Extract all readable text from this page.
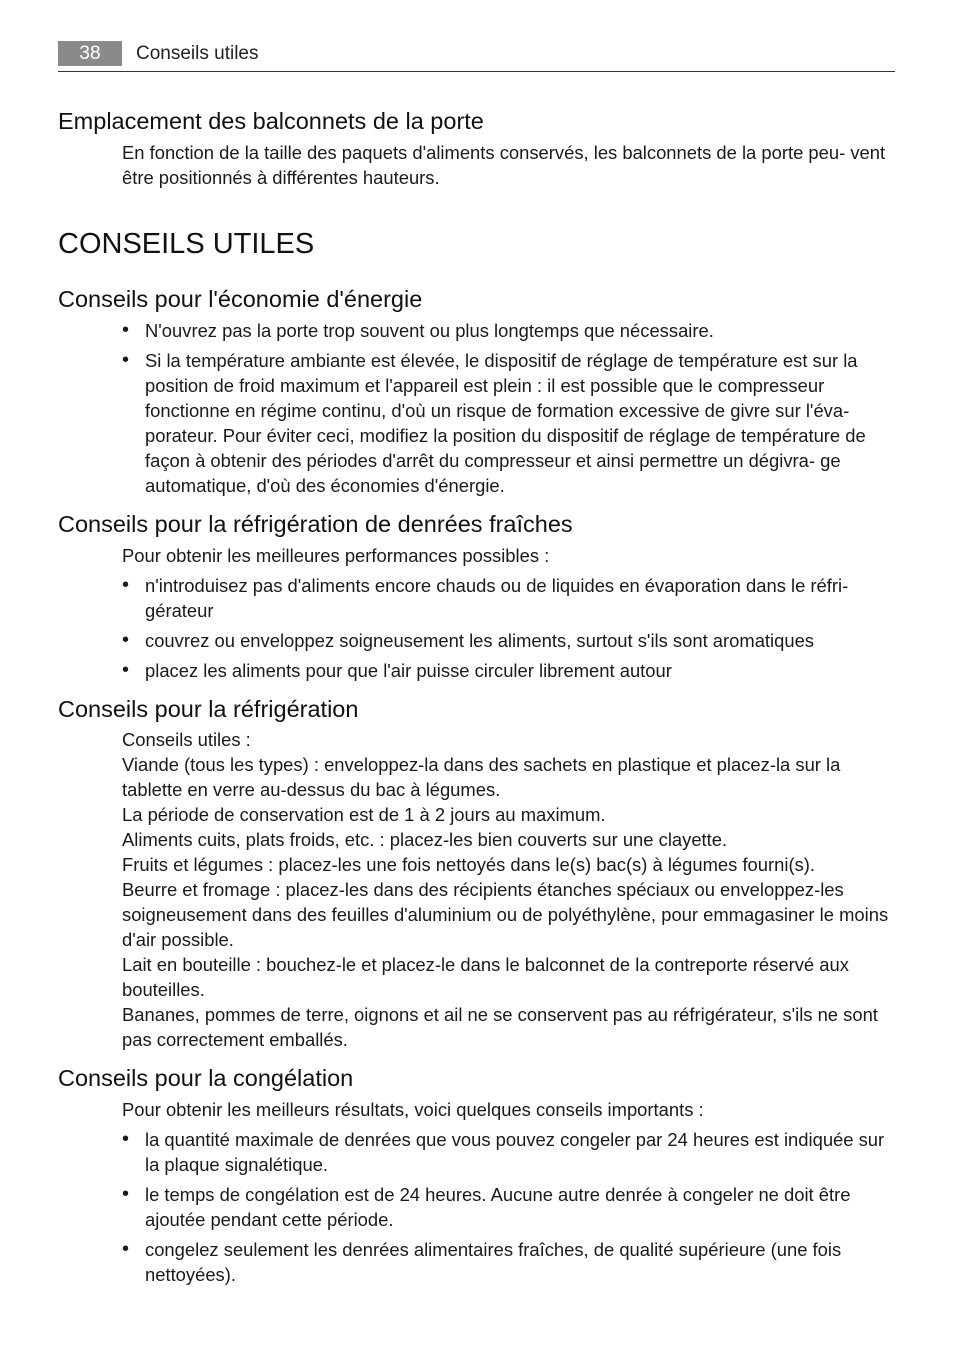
38	Conseils utiles
Emplacement des balconnets de la porte
En fonction de la taille des paquets d'aliments conservés, les balconnets de la porte peu- vent être positionnés à différentes hauteurs.
CONSEILS UTILES
Conseils pour l'économie d'énergie
• N'ouvrez pas la porte trop souvent ou plus longtemps que nécessaire.
• Si la température ambiante est élevée, le dispositif de réglage de température est sur la position de froid maximum et l'appareil est plein : il est possible que le compresseur fonctionne en régime continu, d'où un risque de formation excessive de givre sur l'éva- porateur. Pour éviter ceci, modifiez la position du dispositif de réglage de température de façon à obtenir des périodes d'arrêt du compresseur et ainsi permettre un dégivra- ge automatique, d'où des économies d'énergie.
Conseils pour la réfrigération de denrées fraîches
Pour obtenir les meilleures performances possibles :
• n'introduisez pas d'aliments encore chauds ou de liquides en évaporation dans le réfri- gérateur
• couvrez ou enveloppez soigneusement les aliments, surtout s'ils sont aromatiques
• placez les aliments pour que l'air puisse circuler librement autour
Conseils pour la réfrigération
Conseils utiles :
Viande (tous les types) : enveloppez-la dans des sachets en plastique et placez-la sur la tablette en verre au-dessus du bac à légumes.
La période de conservation est de 1 à 2 jours au maximum.
Aliments cuits, plats froids, etc. : placez-les bien couverts sur une clayette.
Fruits et légumes : placez-les une fois nettoyés dans le(s) bac(s) à légumes fourni(s).
Beurre et fromage : placez-les dans des récipients étanches spéciaux ou enveloppez-les soigneusement dans des feuilles d'aluminium ou de polyéthylène, pour emmagasiner le moins d'air possible.
Lait en bouteille : bouchez-le et placez-le dans le balconnet de la contreporte réservé aux bouteilles.
Bananes, pommes de terre, oignons et ail ne se conservent pas au réfrigérateur, s'ils ne sont pas correctement emballés.
Conseils pour la congélation
Pour obtenir les meilleurs résultats, voici quelques conseils importants :
• la quantité maximale de denrées que vous pouvez congeler par 24 heures est indiquée sur la plaque signalétique.
• le temps de congélation est de 24 heures. Aucune autre denrée à congeler ne doit être ajoutée pendant cette période.
• congelez seulement les denrées alimentaires fraîches, de qualité supérieure (une fois nettoyées).
